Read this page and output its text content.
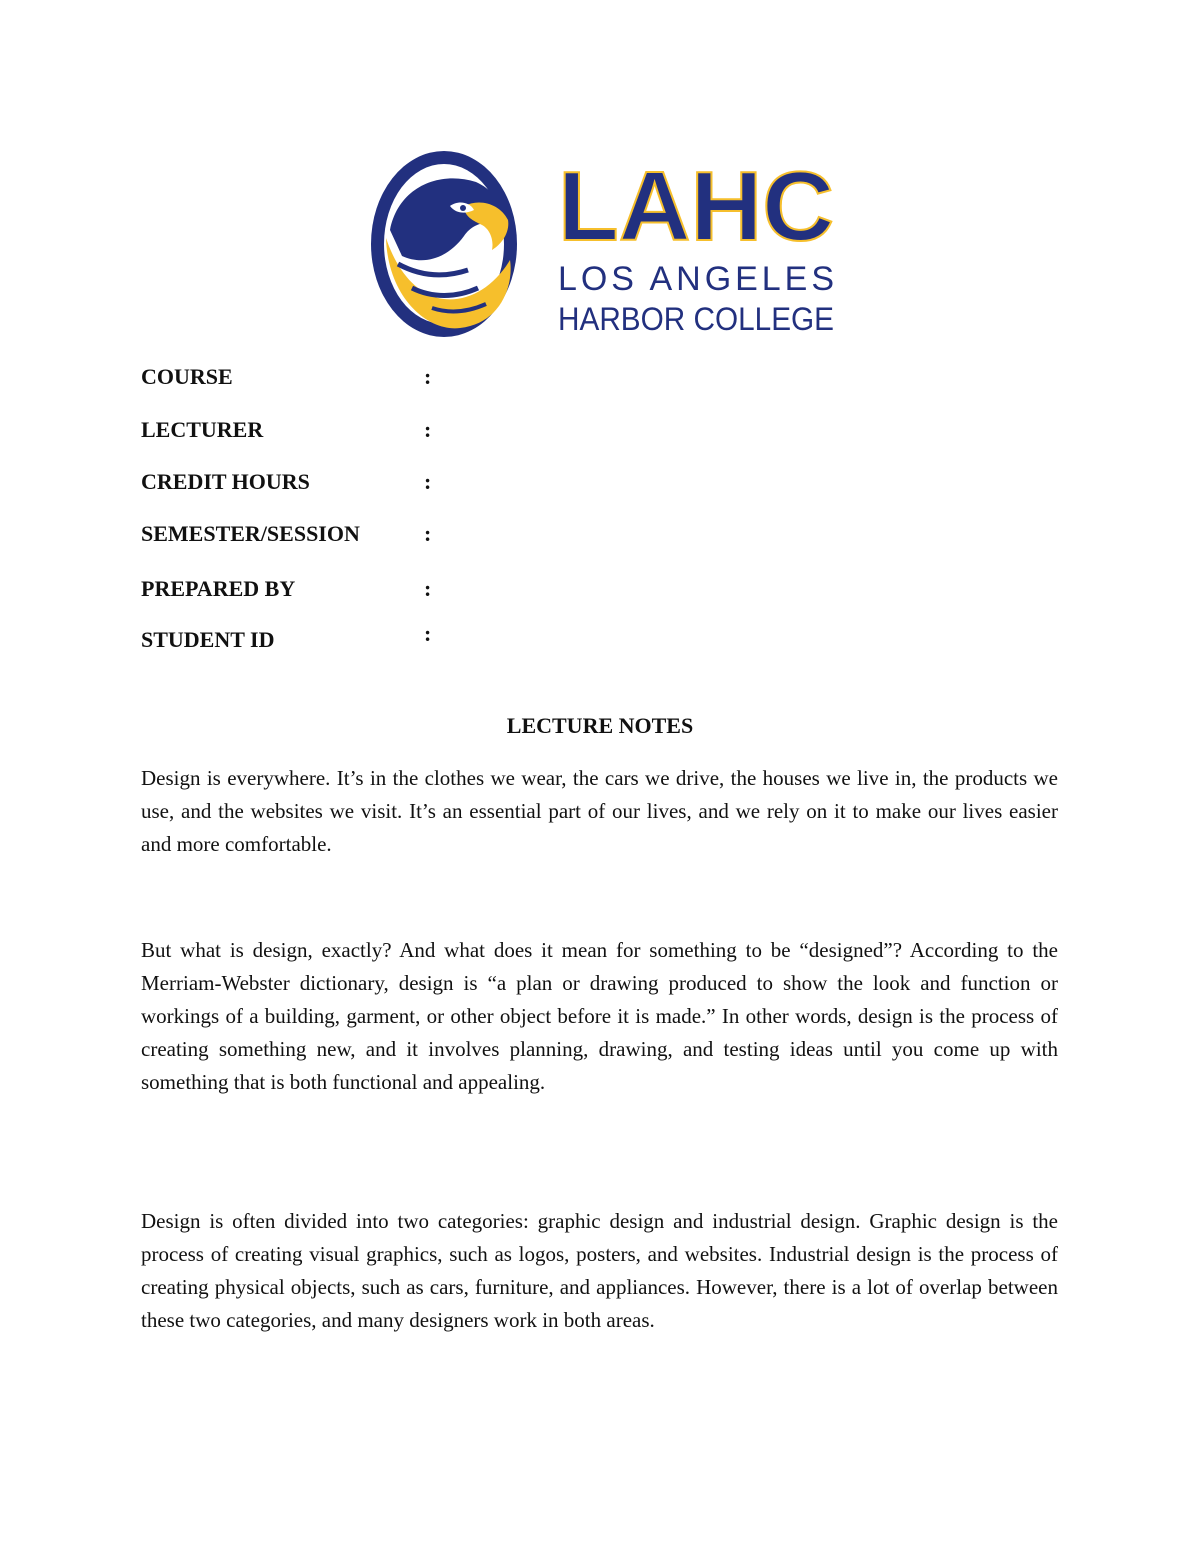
LAHC
LOS ANGELES
HARBOR COLLEGE
COURSE	:
LECTURER	:
CREDIT HOURS	:
SEMESTER/SESSION	:
PREPARED BY	:
STUDENT ID	:
LECTURE NOTES

Design is everywhere. It’s in the clothes we wear, the cars we drive, the houses we live in, the products we use, and the websites we visit. It’s an essential part of our lives, and we rely on it to make our lives easier and more comfortable.

But what is design, exactly? And what does it mean for something to be “designed”? According to the Merriam-Webster dictionary, design is “a plan or drawing produced to show the look and function or workings of a building, garment, or other object before it is made.” In other words, design is the process of creating something new, and it involves planning, drawing, and testing ideas until you come up with something that is both functional and appealing.

Design is often divided into two categories: graphic design and industrial design. Graphic design is the process of creating visual graphics, such as logos, posters, and websites. Industrial design is the process of creating physical objects, such as cars, furniture, and appliances. However, there is a lot of overlap between these two categories, and many designers work in both areas.
